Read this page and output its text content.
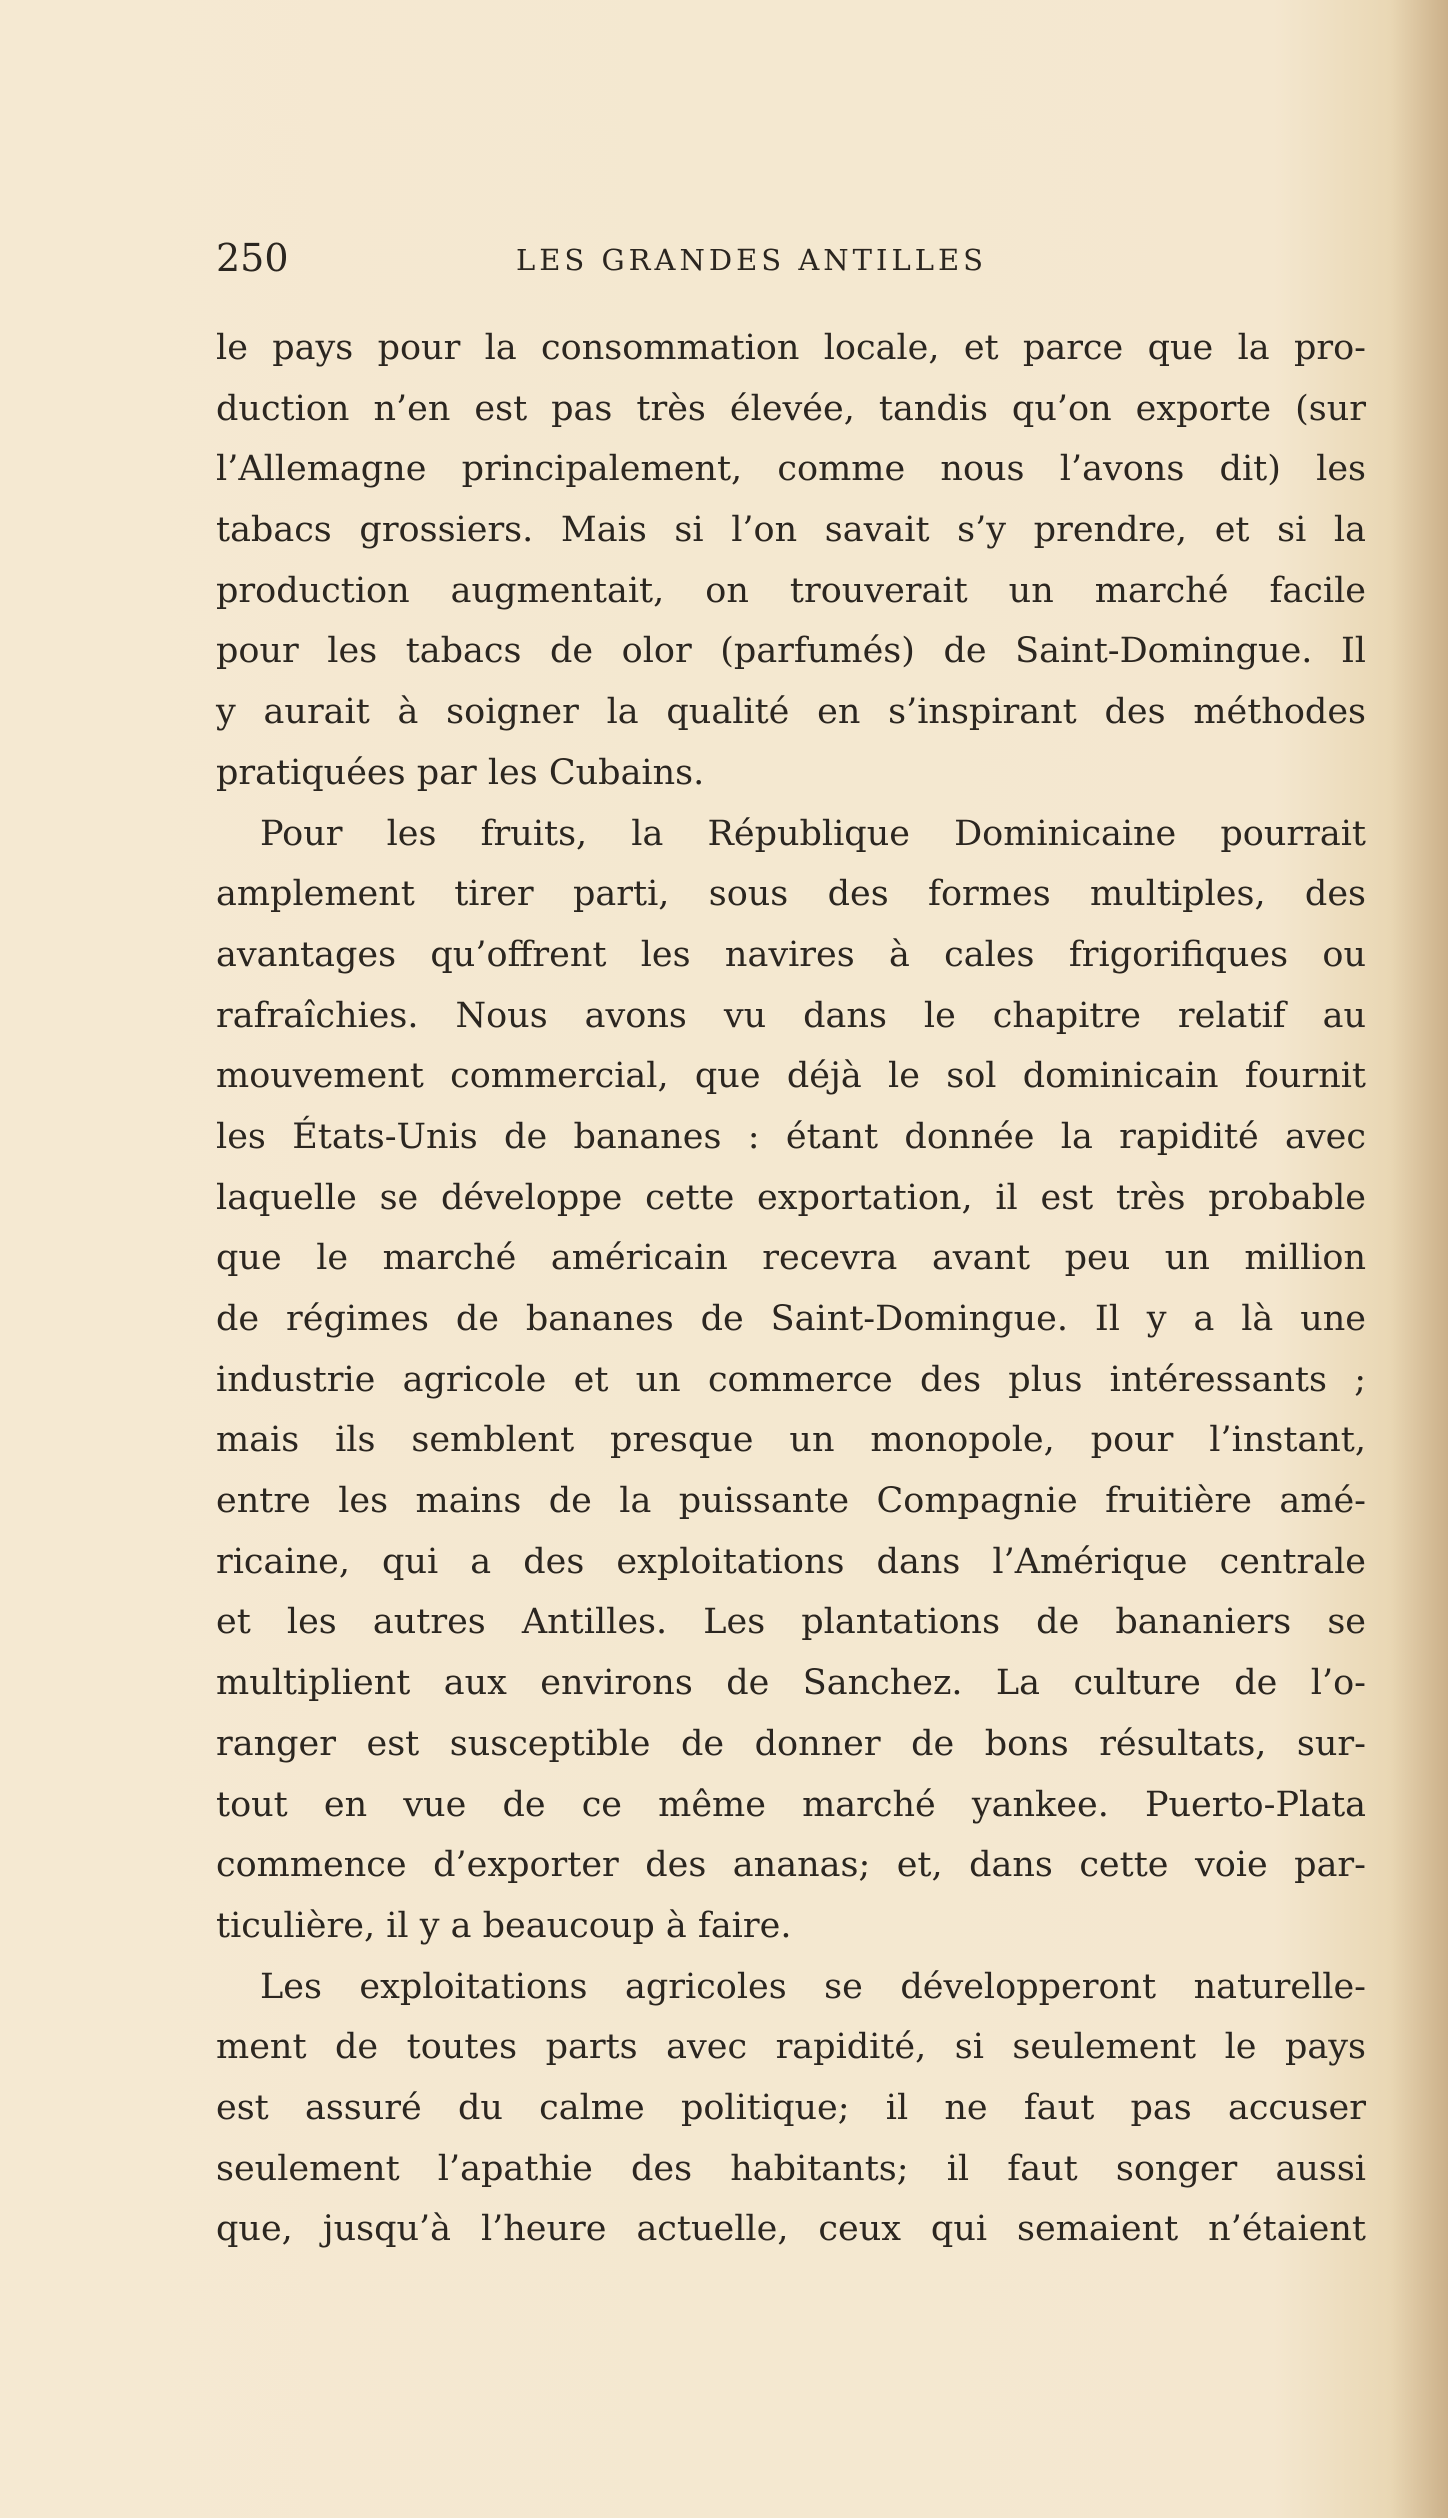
250	LES GRANDES ANTILLES
le pays pour la consommation locale, et parce que la pro-
duction n’en est pas très élevée, tandis qu’on exporte (sur
l’Allemagne principalement, comme nous l’avons dit) les
tabacs grossiers. Mais si l’on savait s’y prendre, et si la
production augmentait, on trouverait un marché facile
pour les tabacs de olor (parfumés) de Saint-Domingue. Il
y aurait à soigner la qualité en s’inspirant des méthodes
pratiquées par les Cubains.
Pour les fruits, la République Dominicaine pourrait
amplement tirer parti, sous des formes multiples, des
avantages qu’offrent les navires à cales frigorifiques ou
rafraîchies. Nous avons vu dans le chapitre relatif au
mouvement commercial, que déjà le sol dominicain fournit
les États-Unis de bananes : étant donnée la rapidité avec
laquelle se développe cette exportation, il est très probable
que le marché américain recevra avant peu un million
de régimes de bananes de Saint-Domingue. Il y a là une
industrie agricole et un commerce des plus intéressants ;
mais ils semblent presque un monopole, pour l’instant,
entre les mains de la puissante Compagnie fruitière amé-
ricaine, qui a des exploitations dans l’Amérique centrale
et les autres Antilles. Les plantations de bananiers se
multiplient aux environs de Sanchez. La culture de l’o-
ranger est susceptible de donner de bons résultats, sur-
tout en vue de ce même marché yankee. Puerto-Plata
commence d’exporter des ananas; et, dans cette voie par-
ticulière, il y a beaucoup à faire.
Les exploitations agricoles se développeront naturelle-
ment de toutes parts avec rapidité, si seulement le pays
est assuré du calme politique; il ne faut pas accuser
seulement l’apathie des habitants; il faut songer aussi
que, jusqu’à l’heure actuelle, ceux qui semaient n’étaient
